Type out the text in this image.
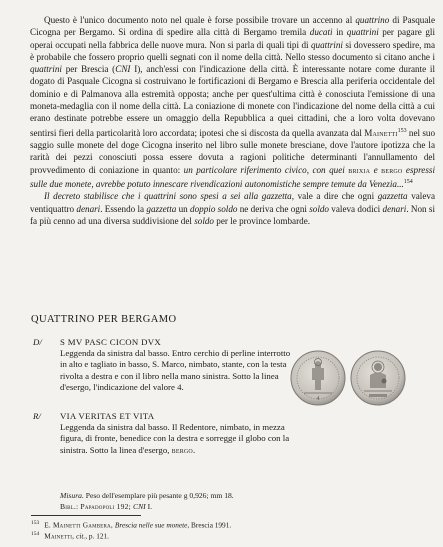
Questo è l'unico documento noto nel quale è forse possibile trovare un accenno al quattrino di Pasquale Cicogna per Bergamo. Si ordina di spedire alla città di Bergamo tremila ducati in quattrini per pagare gli operai occupati nella fabbrica delle nuove mura. Non si parla di quali tipi di quattrini si dovessero spedire, ma è probabile che fossero proprio quelli segnati con il nome della città. Nello stesso documento si citano anche i quattrini per Brescia (CNI I), anch'essi con l'indicazione della città. È interessante notare come durante il dogato di Pasquale Cicogna si costruivano le fortificazioni di Bergamo e Brescia alla periferia occidentale del dominio e di Palmanova alla estremità opposta; anche per quest'ultima città è conosciuta l'emissione di una moneta-medaglia con il nome della città. La coniazione di monete con l'indicazione del nome della città a cui erano destinate potrebbe essere un omaggio della Repubblica a quei cittadini, che a loro volta dovevano sentirsi fieri della particolarità loro accordata; ipotesi che si discosta da quella avanzata dal Mainetti$^{153}$ nel suo saggio sulle monete del doge Cicogna inserito nel libro sulle monete bresciane, dove l'autore ipotizza che la rarità dei pezzi conosciuti possa essere dovuta a ragioni politiche determinanti l'annullamento del provvedimento di coniazione in quanto: un particolare riferimento civico, con quei brixia e bergo espressi sulle due monete, avrebbe potuto innescare rivendicazioni autonomistiche sempre temute da Venezia...$^{154}$

Il decreto stabilisce che i quattrini sono spesi a sei alla gazzetta, vale a dire che ogni gazzetta valeva ventiquattro denari. Essendo la gazzetta un doppio soldo ne deriva che ogni soldo valeva dodici denari. Non si fa più cenno ad una diversa suddivisione del soldo per le province lombarde.

QUATTRINO PER BERGAMO
D/	S MV PASC CICON DVX
Leggenda da sinistra dal basso. Entro cerchio di perline interrotto in alto e tagliato in basso, S. Marco, nimbato, stante, con la testa rivolta a destra e con il libro nella mano sinistra. Sotto la linea d'esergo, l'indicazione del valore 4.
R/	VIA VERITAS ET VITA
Leggenda da sinistra dal basso. Il Redentore, nimbato, in mezza figura, di fronte, benedice con la destra e sorregge il globo con la sinistra. Sotto la linea d'esergo, bergo.
4
Misura. Peso dell'esemplare più pesante g 0,926; mm 18.
Bibl.: Papadopoli 192; CNI I.
$^{153}$ E. Mainetti Gambera, Brescia nelle sue monete, Brescia 1991.
$^{154}$ Mainetti, cit., p. 121.
